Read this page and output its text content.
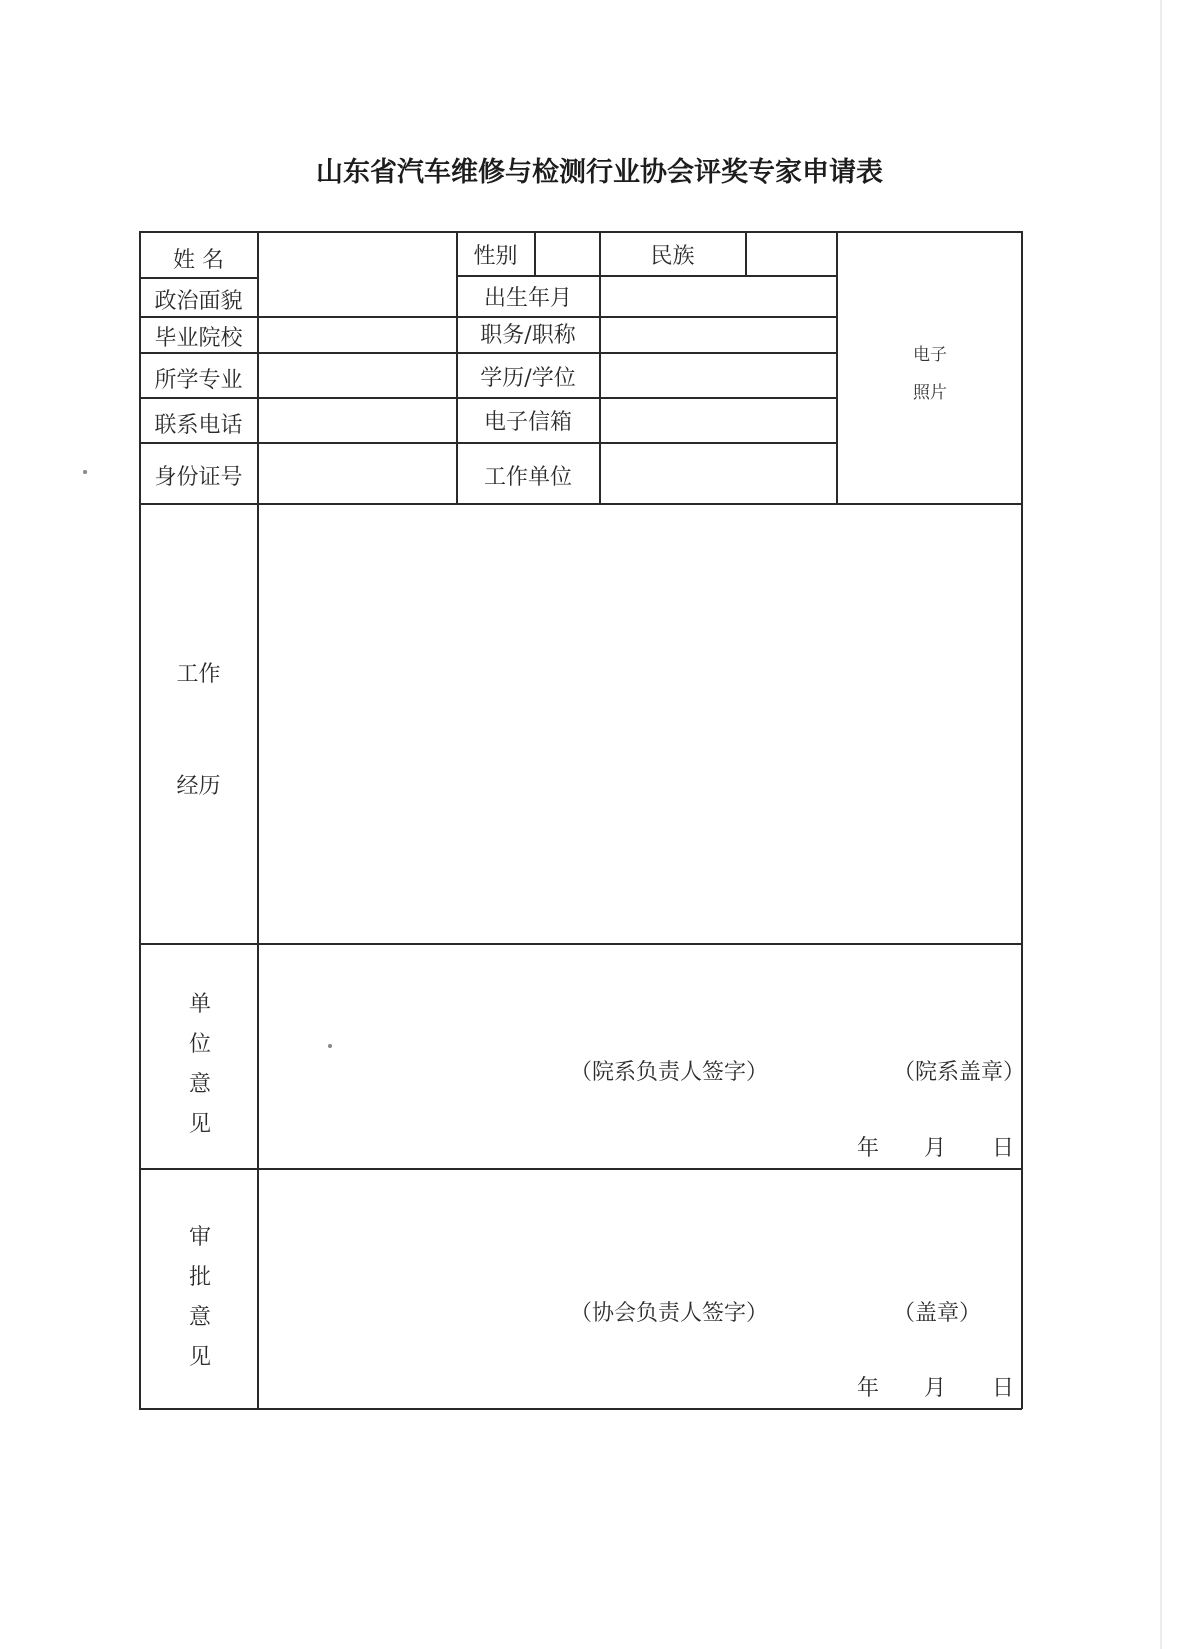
山东省汽车维修与检测行业协会评奖专家申请表
姓 名	性别	民族
政治面貌	出生年月
毕业院校	职务/职称
所学专业	学历/学位
联系电话	电子信箱
身份证号	工作单位
电子
照片
工作
经历
单
位
意
见
（院系负责人签字）	（院系盖章）
年 月 日
审
批
意
见
（协会负责人签字）	（盖章）
年 月 日
